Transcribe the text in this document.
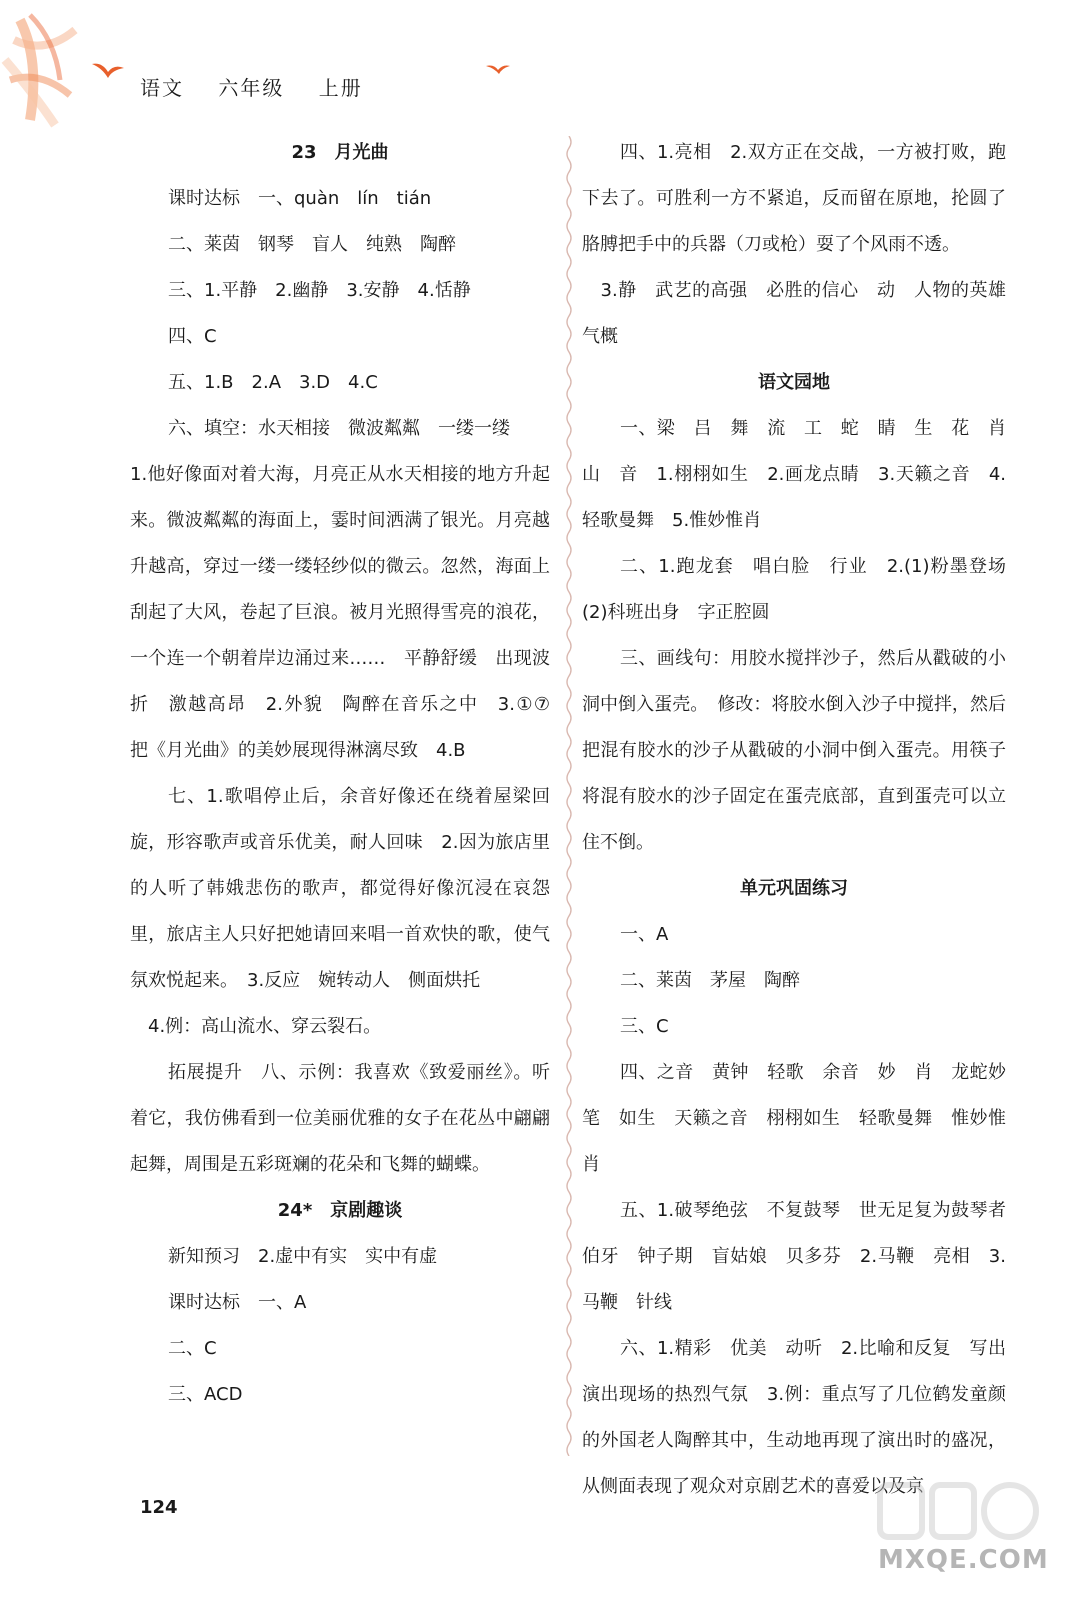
语文 六年级 上册

23　月光曲

课时达标　一、quàn　lín　tián

二、莱茵　钢琴　盲人　纯熟　陶醉

三、1.平静　2.幽静　3.安静　4.恬静

四、C

五、1.B　2.A　3.D　4.C

六、填空：水天相接　微波粼粼　一缕一缕

1.他好像面对着大海，月亮正从水天相接的地方升起来。微波粼粼的海面上，霎时间洒满了银光。月亮越升越高，穿过一缕一缕轻纱似的微云。忽然，海面上刮起了大风，卷起了巨浪。被月光照得雪亮的浪花，一个连一个朝着岸边涌过来……　平静舒缓　出现波折　激越高昂　2.外貌　陶醉在音乐之中　3.①⑦　把《月光曲》的美妙展现得淋漓尽致　4.B

七、1.歌唱停止后，余音好像还在绕着屋梁回旋，形容歌声或音乐优美，耐人回味　2.因为旅店里的人听了韩娥悲伤的歌声，都觉得好像沉浸在哀怨里，旅店主人只好把她请回来唱一首欢快的歌，使气氛欢悦起来。　3.反应　婉转动人　侧面烘托

　4.例：高山流水、穿云裂石。

拓展提升　八、示例：我喜欢《致爱丽丝》。听着它，我仿佛看到一位美丽优雅的女子在花丛中翩翩起舞，周围是五彩斑斓的花朵和飞舞的蝴蝶。

24*　京剧趣谈

新知预习　2.虚中有实　实中有虚

课时达标　一、A

二、C

三、ACD

四、1.亮相　2.双方正在交战，一方被打败，跑下去了。可胜利一方不紧追，反而留在原地，抡圆了胳膊把手中的兵器（刀或枪）耍了个风雨不透。

　3.静　武艺的高强　必胜的信心　动　人物的英雄气概

语文园地

一、梁　吕　舞　流　工　蛇　睛　生　花　肖　山　音　1.栩栩如生　2.画龙点睛　3.天籁之音　4.轻歌曼舞　5.惟妙惟肖

二、1.跑龙套　唱白脸　行业　2.(1)粉墨登场　(2)科班出身　字正腔圆

三、画线句：用胶水搅拌沙子，然后从戳破的小洞中倒入蛋壳。　修改：将胶水倒入沙子中搅拌，然后把混有胶水的沙子从戳破的小洞中倒入蛋壳。用筷子将混有胶水的沙子固定在蛋壳底部，直到蛋壳可以立住不倒。

单元巩固练习

一、A

二、莱茵　茅屋　陶醉

三、C

四、之音　黄钟　轻歌　余音　妙　肖　龙蛇妙笔　如生　天籁之音　栩栩如生　轻歌曼舞　惟妙惟肖

五、1.破琴绝弦　不复鼓琴　世无足复为鼓琴者　伯牙　钟子期　盲姑娘　贝多芬　2.马鞭　亮相　3.马鞭　针线

六、1.精彩　优美　动听　2.比喻和反复　写出演出现场的热烈气氛　3.例：重点写了几位鹤发童颜的外国老人陶醉其中，生动地再现了演出时的盛况，从侧面表现了观众对京剧艺术的喜爱以及京

124
MXQE.COM
